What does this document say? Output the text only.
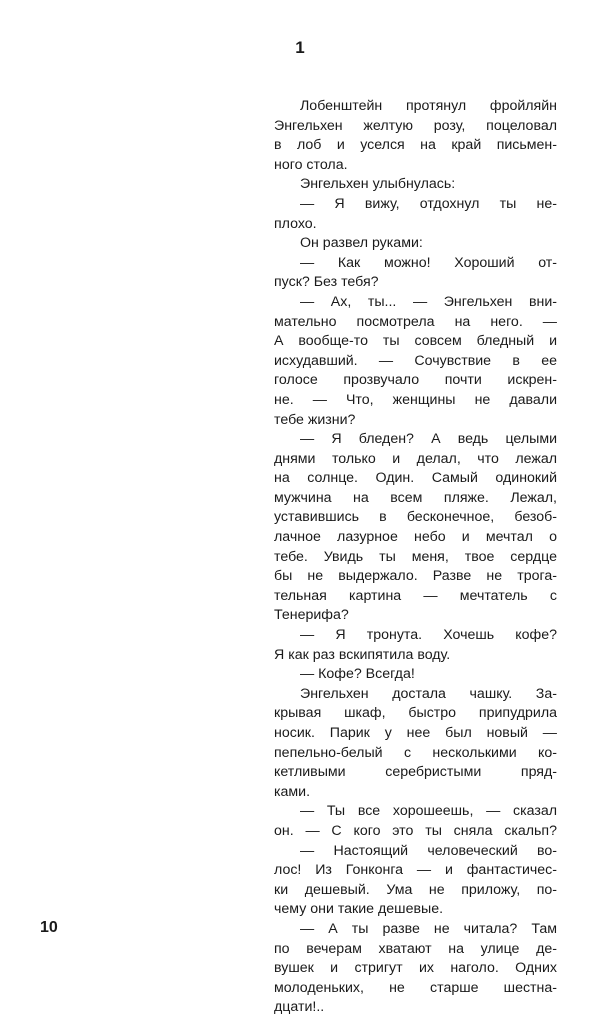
1
Лобенштейн протянул фройляйн
Энгельхен желтую розу, поцеловал
в лоб и уселся на край письмен-
ного стола.
Энгельхен улыбнулась:
— Я вижу, отдохнул ты не-
плохо.
Он развел руками:
— Как можно! Хороший от-
пуск? Без тебя?
— Ах, ты... — Энгельхен вни-
мательно посмотрела на него. —
А вообще-то ты совсем бледный и
исхудавший. — Сочувствие в ее
голосе прозвучало почти искрен-
не. — Что, женщины не давали
тебе жизни?
— Я бледен? А ведь целыми
днями только и делал, что лежал
на солнце. Один. Самый одинокий
мужчина на всем пляже. Лежал,
уставившись в бесконечное, безоб-
лачное лазурное небо и мечтал о
тебе. Увидь ты меня, твое сердце
бы не выдержало. Разве не трога-
тельная картина — мечтатель с
Тенерифа?
— Я тронута. Хочешь кофе?
Я как раз вскипятила воду.
— Кофе? Всегда!
Энгельхен достала чашку. За-
крывая шкаф, быстро припудрила
носик. Парик у нее был новый —
пепельно-белый с несколькими ко-
кетливыми серебристыми пряд-
ками.
— Ты все хорошеешь, — сказал
он. — С кого это ты сняла скальп?
— Настоящий человеческий во-
лос! Из Гонконга — и фантастичес-
ки дешевый. Ума не приложу, по-
чему они такие дешевые.
— А ты разве не читала? Там
по вечерам хватают на улице де-
вушек и стригут их наголо. Одних
молоденьких, не старше шестна-
дцати!..
10
